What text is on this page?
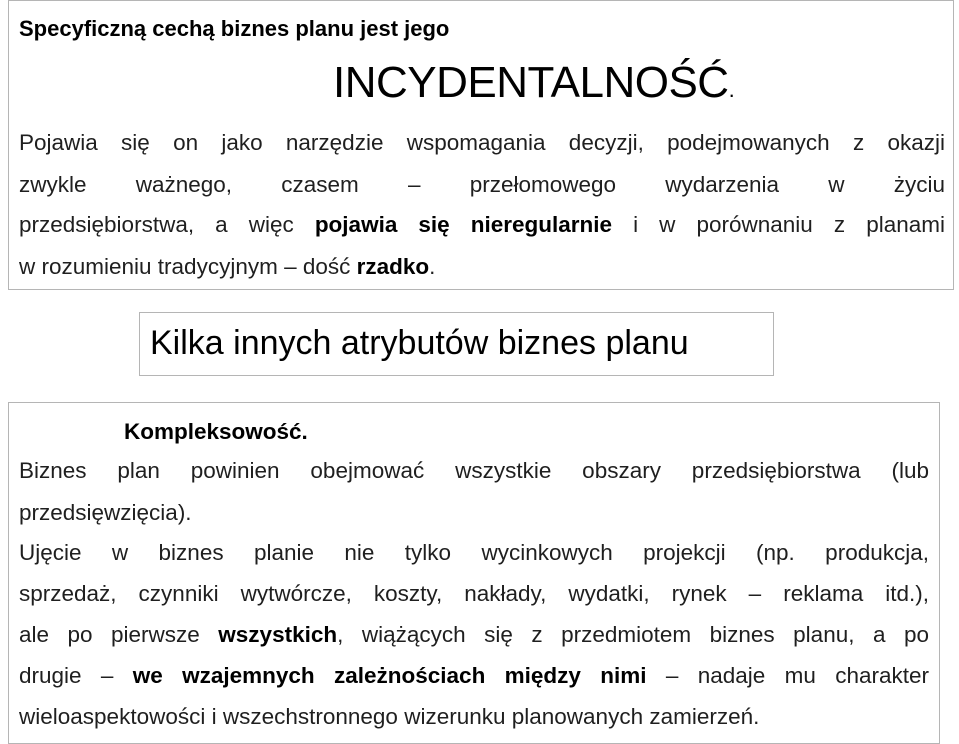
Specyficzną cechą biznes planu jest jego
INCYDENTALNOŚĆ.
Pojawia się on jako narzędzie wspomagania decyzji, podejmowanych z okazji
zwykle ważnego, czasem – przełomowego wydarzenia w życiu
przedsiębiorstwa, a więc pojawia się nieregularnie i w porównaniu z planami
w rozumieniu tradycyjnym – dość rzadko.
Kilka innych atrybutów biznes planu
Kompleksowość.
Biznes plan powinien obejmować wszystkie obszary przedsiębiorstwa (lub
przedsięwzięcia).
Ujęcie w biznes planie nie tylko wycinkowych projekcji (np. produkcja,
sprzedaż, czynniki wytwórcze, koszty, nakłady, wydatki, rynek – reklama itd.),
ale po pierwsze wszystkich, wiążących się z przedmiotem biznes planu, a po
drugie – we wzajemnych zależnościach między nimi – nadaje mu charakter
wieloaspektowości i wszechstronnego wizerunku planowanych zamierzeń.
